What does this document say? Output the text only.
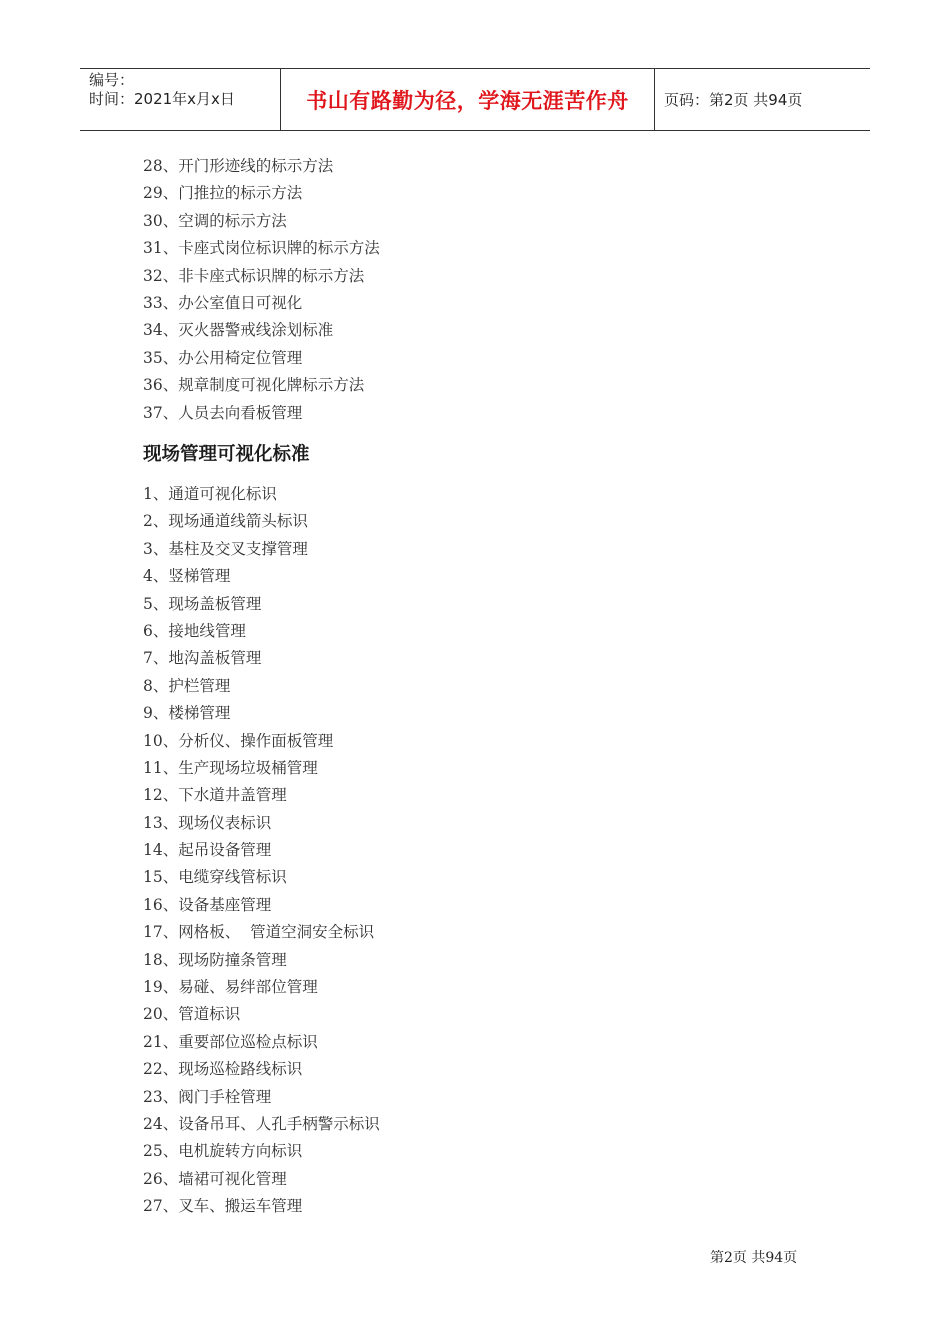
编号：
时间：2021年x月x日	书山有路勤为径，学海无涯苦作舟 页码：第2页 共94页
28、开门形迹线的标示方法
29、门推拉的标示方法
30、空调的标示方法
31、卡座式岗位标识牌的标示方法
32、非卡座式标识牌的标示方法
33、办公室值日可视化
34、灭火器警戒线涂划标准
35、办公用椅定位管理
36、规章制度可视化牌标示方法
37、人员去向看板管理
现场管理可视化标准
1、通道可视化标识
2、现场通道线箭头标识
3、基柱及交叉支撑管理
4、竖梯管理
5、现场盖板管理
6、接地线管理
7、地沟盖板管理
8、护栏管理
9、楼梯管理
10、分析仪、操作面板管理
11、生产现场垃圾桶管理
12、下水道井盖管理
13、现场仪表标识
14、起吊设备管理
15、电缆穿线管标识
16、设备基座管理
17、网格板、  管道空洞安全标识
18、现场防撞条管理
19、易碰、易绊部位管理
20、管道标识
21、重要部位巡检点标识
22、现场巡检路线标识
23、阀门手栓管理
24、设备吊耳、人孔手柄警示标识
25、电机旋转方向标识
26、墙裙可视化管理
27、叉车、搬运车管理
第2页 共94页
